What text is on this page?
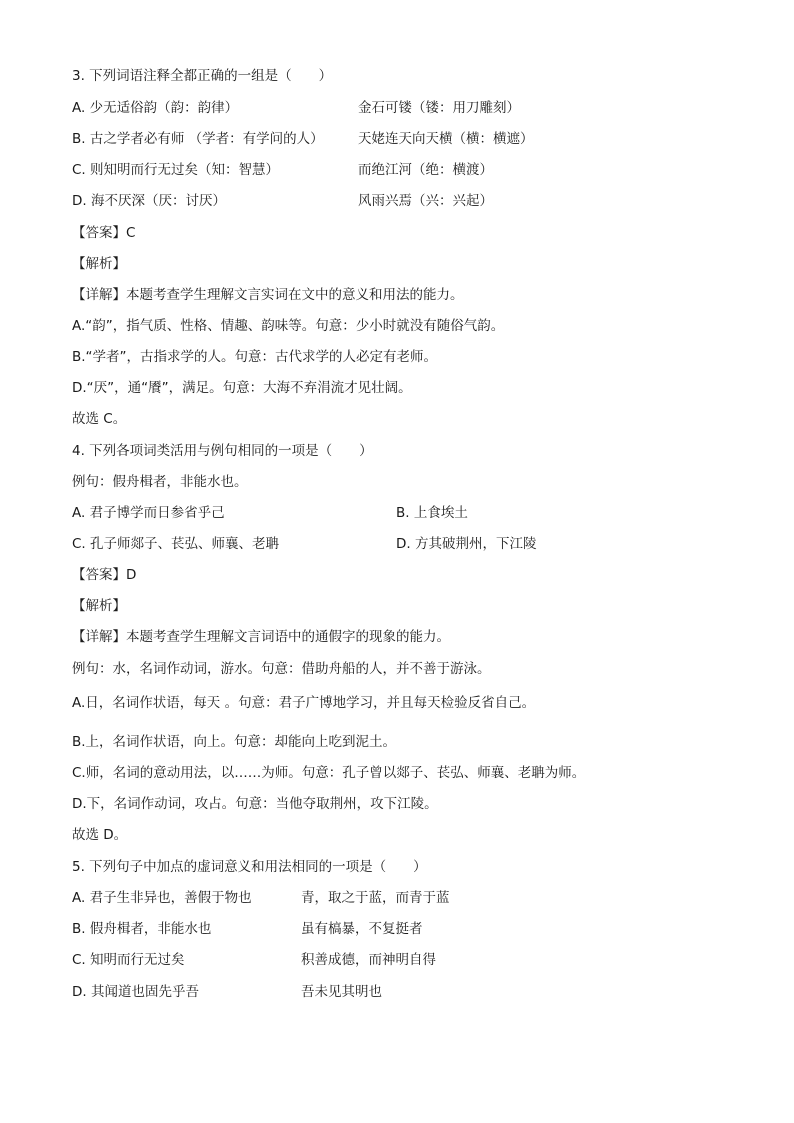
3. 下列词语注释全都正确的一组是（　　）
A. 少无适俗韵（韵：韵律）	金石可镂（镂：用刀雕刻）
B. 古之学者必有师 （学者：有学问的人）	天姥连天向天横（横：横遮）
C. 则知明而行无过矣（知：智慧）	而绝江河（绝：横渡）
D. 海不厌深（厌：讨厌）	风雨兴焉（兴：兴起）
【答案】C
【解析】
【详解】本题考查学生理解文言实词在文中的意义和用法的能力。
A.“韵”，指气质、性格、情趣、韵味等。句意：少小时就没有随俗气韵。
B.“学者”，古指求学的人。句意：古代求学的人必定有老师。
D.“厌”，通“餍”，满足。句意：大海不弃涓流才见壮阔。
故选 C。
4. 下列各项词类活用与例句相同的一项是（　　）
例句：假舟楫者，非能水也。
A. 君子博学而日参省乎己	B. 上食埃土
C. 孔子师郯子、苌弘、师襄、老聃	D. 方其破荆州，下江陵
【答案】D
【解析】
【详解】本题考查学生理解文言词语中的通假字的现象的能力。
例句：水，名词作动词，游水。句意：借助舟船的人，并不善于游泳。
A.日，名词作状语，每天 。句意：君子广博地学习，并且每天检验反省自己。
B.上，名词作状语，向上。句意：却能向上吃到泥土。
C.师，名词的意动用法，以……为师。句意：孔子曾以郯子、苌弘、师襄、老聃为师。
D.下，名词作动词，攻占。句意：当他夺取荆州，攻下江陵。
故选 D。
5. 下列句子中加点的虚词意义和用法相同的一项是（　　）
A. 君子生非异也，善假于物也	青，取之于蓝，而青于蓝
B. 假舟楫者，非能水也	虽有槁暴，不复挺者
C. 知明而行无过矣	积善成德，而神明自得
D. 其闻道也固先乎吾	吾未见其明也
